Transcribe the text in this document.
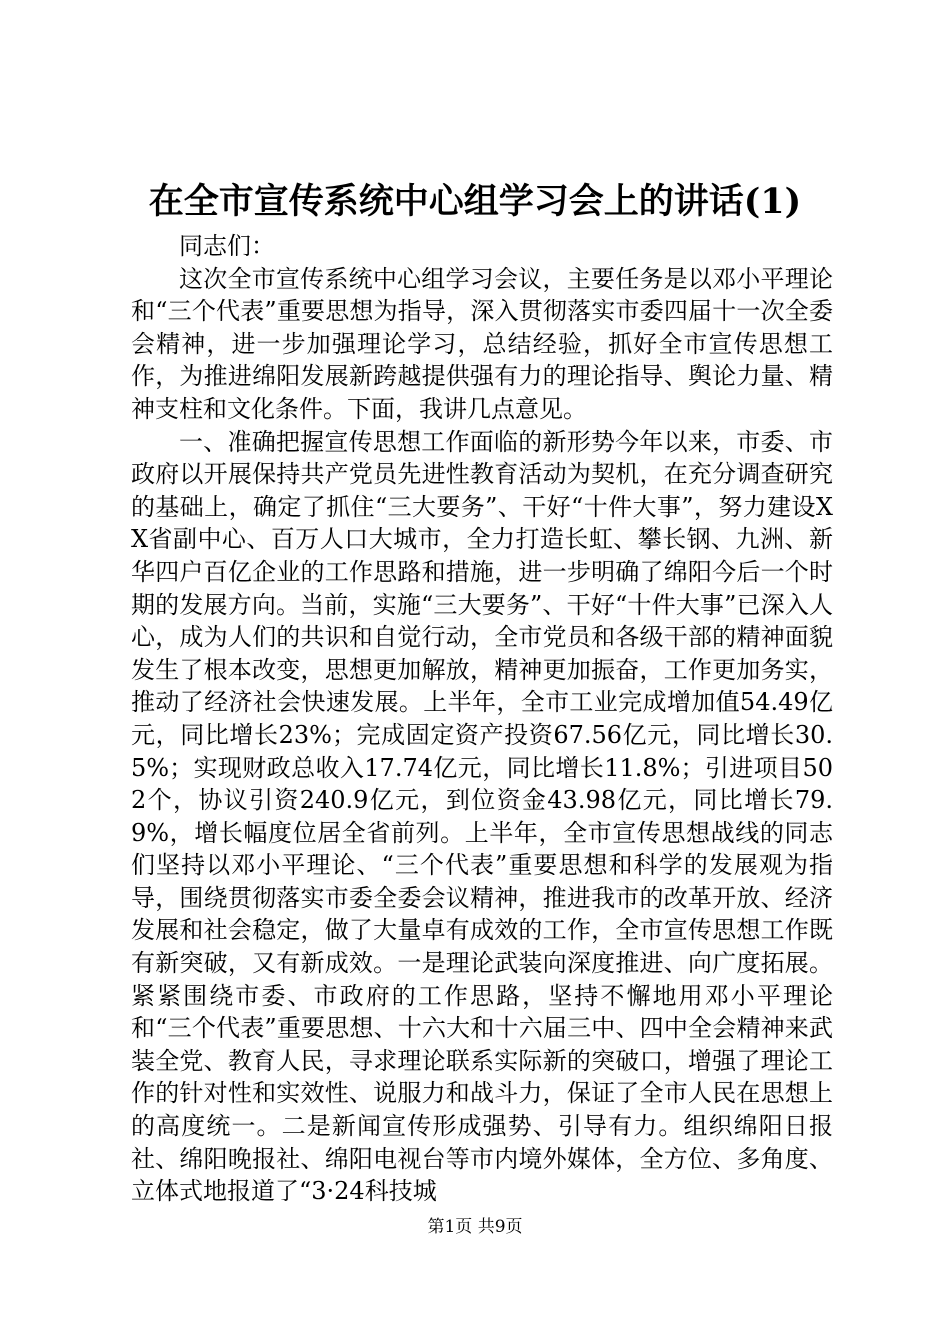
在全市宣传系统中心组学习会上的讲话(1)

同志们：

这次全市宣传系统中心组学习会议，主要任务是以邓小平理论和“三个代表”重要思想为指导，深入贯彻落实市委四届十一次全委会精神，进一步加强理论学习，总结经验，抓好全市宣传思想工作，为推进绵阳发展新跨越提供强有力的理论指导、舆论力量、精神支柱和文化条件。下面，我讲几点意见。

一、准确把握宣传思想工作面临的新形势今年以来，市委、市政府以开展保持共产党员先进性教育活动为契机，在充分调查研究的基础上，确定了抓住“三大要务”、干好“十件大事”，努力建设XX省副中心、百万人口大城市，全力打造长虹、攀长钢、九洲、新华四户百亿企业的工作思路和措施，进一步明确了绵阳今后一个时期的发展方向。当前，实施“三大要务”、干好“十件大事”已深入人心，成为人们的共识和自觉行动，全市党员和各级干部的精神面貌发生了根本改变，思想更加解放，精神更加振奋，工作更加务实，推动了经济社会快速发展。上半年，全市工业完成增加值54.49亿元，同比增长23%；完成固定资产投资67.56亿元，同比增长30.5%；实现财政总收入17.74亿元，同比增长11.8%；引进项目502个，协议引资240.9亿元，到位资金43.98亿元，同比增长79.9%，增长幅度位居全省前列。上半年，全市宣传思想战线的同志们坚持以邓小平理论、“三个代表”重要思想和科学的发展观为指导，围绕贯彻落实市委全委会议精神，推进我市的改革开放、经济发展和社会稳定，做了大量卓有成效的工作，全市宣传思想工作既有新突破，又有新成效。一是理论武装向深度推进、向广度拓展。紧紧围绕市委、市政府的工作思路，坚持不懈地用邓小平理论和“三个代表”重要思想、十六大和十六届三中、四中全会精神来武装全党、教育人民，寻求理论联系实际新的突破口，增强了理论工作的针对性和实效性、说服力和战斗力，保证了全市人民在思想上的高度统一。二是新闻宣传形成强势、引导有力。组织绵阳日报社、绵阳晚报社、绵阳电视台等市内境外媒体，全方位、多角度、立体式地报道了“3·24科技城

第1页 共9页
